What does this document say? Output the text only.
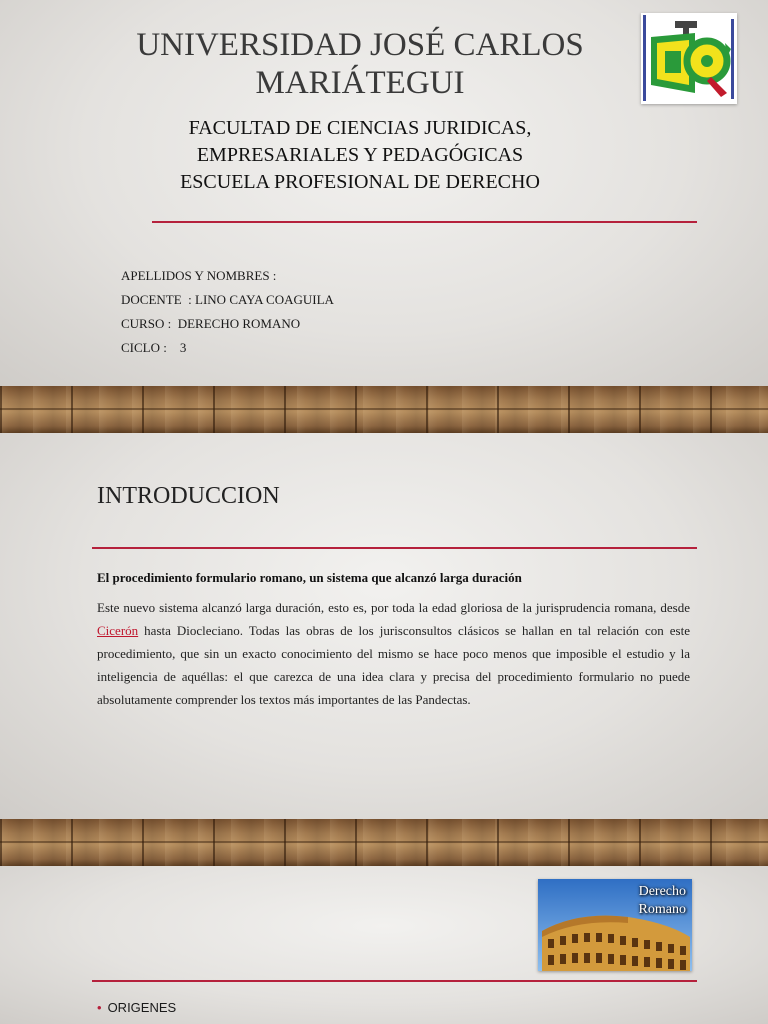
UNIVERSIDAD JOSÉ CARLOS
MARIÁTEGUI
FACULTAD DE CIENCIAS JURIDICAS,
EMPRESARIALES Y PEDAGÓGICAS
ESCUELA PROFESIONAL DE DERECHO
APELLIDOS Y NOMBRES :
DOCENTE  : LINO CAYA COAGUILA
CURSO :  DERECHO ROMANO
CICLO :    3
INTRODUCCION
El procedimiento formulario romano, un sistema que alcanzó larga duración
Este nuevo sistema alcanzó larga duración, esto es, por toda la edad gloriosa de la jurisprudencia romana, desde Cicerón hasta Diocleciano. Todas las obras de los jurisconsultos clásicos se hallan en tal relación con este procedimiento, que sin un exacto conocimiento del mismo se hace poco menos que imposible el estudio y la inteligencia de aquéllas: el que carezca de una idea clara y precisa del procedimiento formulario no puede absolutamente comprender los textos más importantes de las Pandectas.
Derecho
Romano
• ORIGENES
